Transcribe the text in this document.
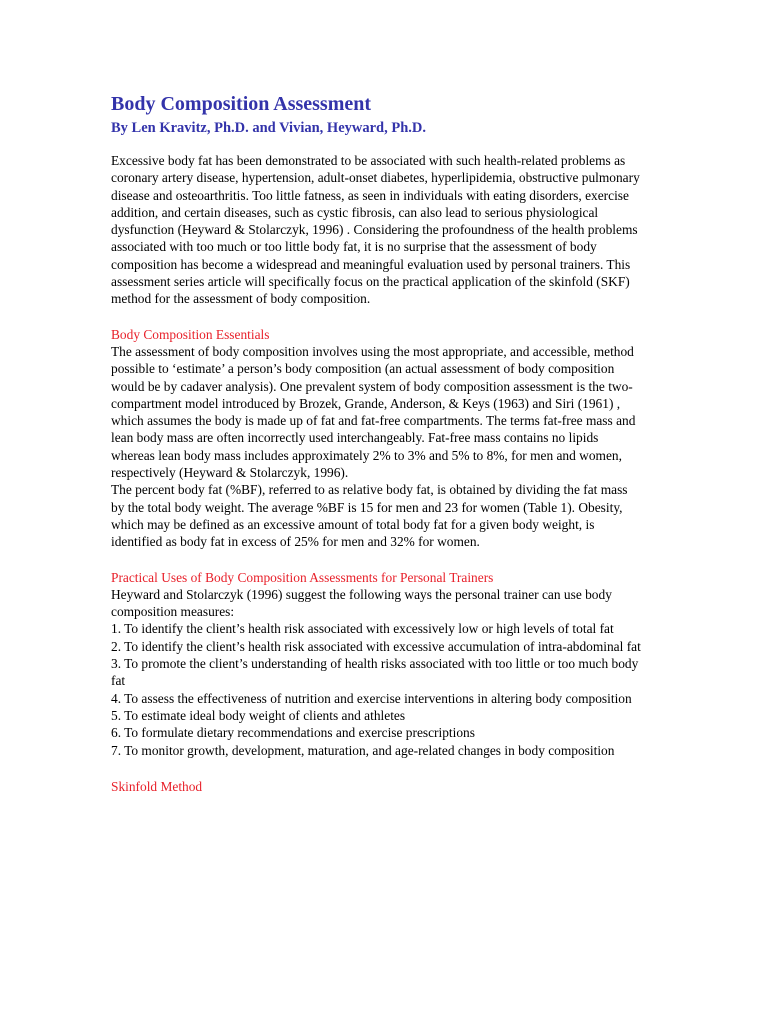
Body Composition Assessment

By Len Kravitz, Ph.D. and Vivian, Heyward, Ph.D.

Excessive body fat has been demonstrated to be associated with such health-related problems as coronary artery disease, hypertension, adult-onset diabetes, hyperlipidemia, obstructive pulmonary disease and osteoarthritis. Too little fatness, as seen in individuals with eating disorders, exercise addition, and certain diseases, such as cystic fibrosis, can also lead to serious physiological dysfunction (Heyward & Stolarczyk, 1996) . Considering the profoundness of the health problems associated with too much or too little body fat, it is no surprise that the assessment of body composition has become a widespread and meaningful evaluation used by personal trainers. This assessment series article will specifically focus on the practical application of the skinfold (SKF) method for the assessment of body composition.

Body Composition Essentials

The assessment of body composition involves using the most appropriate, and accessible, method possible to ‘estimate’ a person’s body composition (an actual assessment of body composition would be by cadaver analysis). One prevalent system of body composition assessment is the two-compartment model introduced by Brozek, Grande, Anderson, & Keys (1963) and Siri (1961) , which assumes the body is made up of fat and fat-free compartments. The terms fat-free mass and lean body mass are often incorrectly used interchangeably. Fat-free mass contains no lipids whereas lean body mass includes approximately 2% to 3% and 5% to 8%, for men and women, respectively (Heyward & Stolarczyk, 1996).

The percent body fat (%BF), referred to as relative body fat, is obtained by dividing the fat mass by the total body weight. The average %BF is 15 for men and 23 for women (Table 1). Obesity, which may be defined as an excessive amount of total body fat for a given body weight, is identified as body fat in excess of 25% for men and 32% for women.

Practical Uses of Body Composition Assessments for Personal Trainers

Heyward and Stolarczyk (1996) suggest the following ways the personal trainer can use body composition measures:

1. To identify the client’s health risk associated with excessively low or high levels of total fat
2. To identify the client’s health risk associated with excessive accumulation of intra-abdominal fat
3. To promote the client’s understanding of health risks associated with too little or too much body fat
4. To assess the effectiveness of nutrition and exercise interventions in altering body composition
5. To estimate ideal body weight of clients and athletes
6. To formulate dietary recommendations and exercise prescriptions
7. To monitor growth, development, maturation, and age-related changes in body composition

Skinfold Method
